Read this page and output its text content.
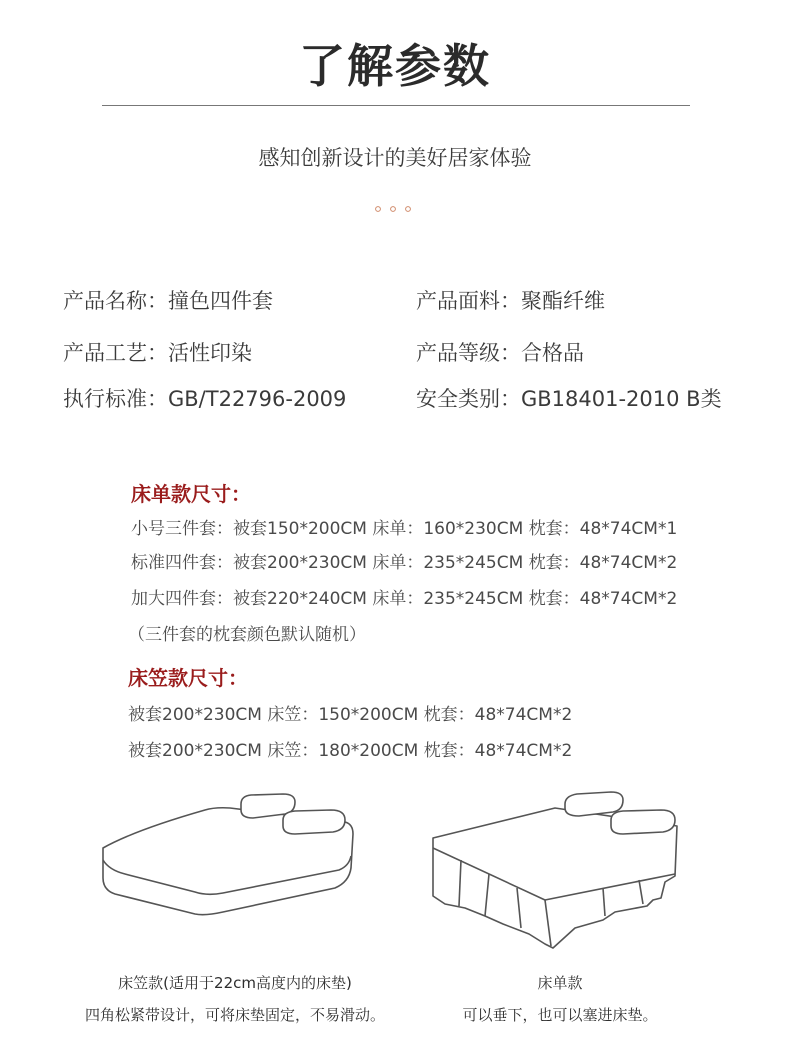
了解参数
感知创新设计的美好居家体验
产品名称：撞色四件套	产品面料：聚酯纤维
产品工艺：活性印染	产品等级：合格品
执行标准：GB/T22796-2009	安全类别：GB18401-2010 B类
床单款尺寸：
小号三件套：被套150*200CM 床单：160*230CM 枕套：48*74CM*1
标准四件套：被套200*230CM 床单：235*245CM 枕套：48*74CM*2
加大四件套：被套220*240CM 床单：235*245CM 枕套：48*74CM*2
（三件套的枕套颜色默认随机）
床笠款尺寸：
被套200*230CM 床笠：150*200CM 枕套：48*74CM*2
被套200*230CM 床笠：180*200CM 枕套：48*74CM*2
床笠款(适用于22cm高度内的床垫)
四角松紧带设计，可将床垫固定，不易滑动。
床单款
可以垂下，也可以塞进床垫。
